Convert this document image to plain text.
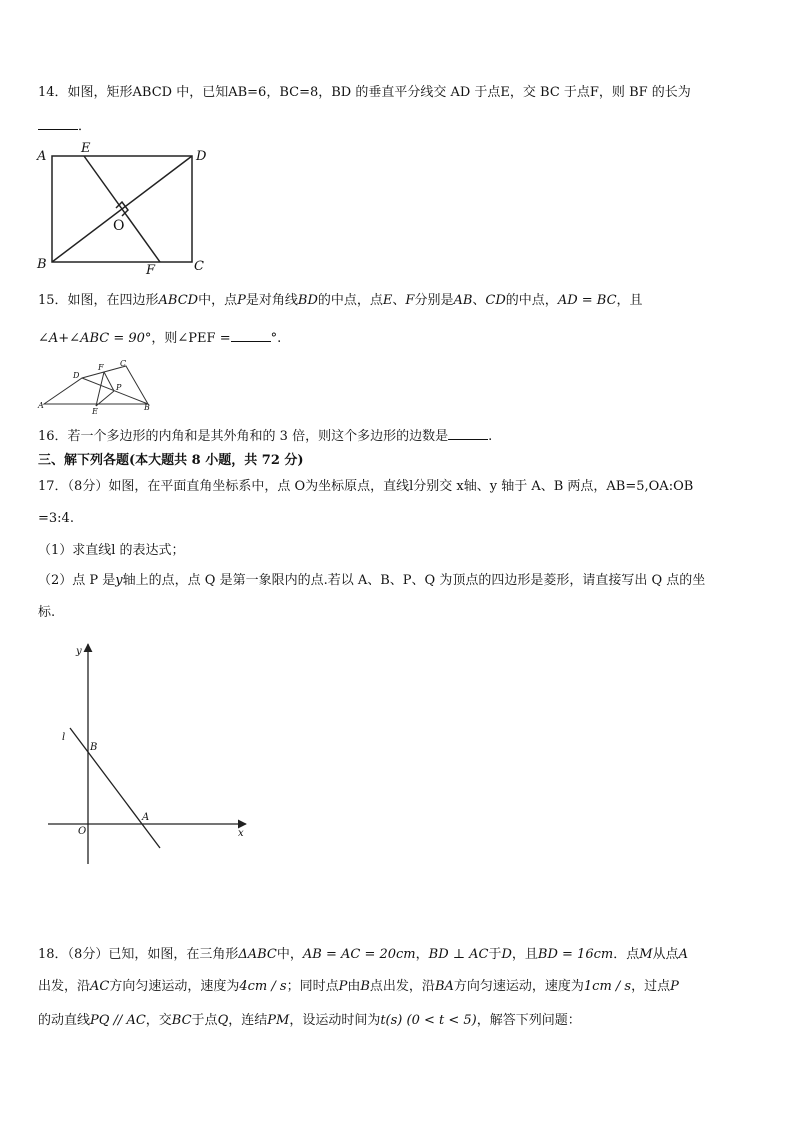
14．如图，矩形ABCD 中，已知AB=6，BC=8，BD 的垂直平分线交 AD 于点E，交 BC 于点F，则 BF 的长为
．
A
E
D
B	F	C
O
15．如图，在四边形ABCD中，点P是对角线BD的中点，点E、F分别是AB、CD的中点，AD = BC，且
∠A+∠ABC = 90°，则∠PEF =	°.
A
D
F C
P
E	B
16．若一个多边形的内角和是其外角和的 3 倍，则这个多边形的边数是	.
三、解下列各题(本大题共 8 小题，共 72 分)
17．（8分）如图，在平面直角坐标系中，点 O为坐标原点，直线l分别交 x轴、y 轴于 A、B 两点，AB=5,OA:OB
=3:4.
（1）求直线l 的表达式；
（2）点 P 是y轴上的点，点 Q 是第一象限内的点.若以 A、B、P、Q 为顶点的四边形是菱形，请直接写出 Q 点的坐
标.
y
l
B
A
O	x
18．（8分）已知，如图，在三角形ΔABC中，AB = AC = 20cm，BD ⊥ AC于D，且BD = 16cm．点M从点A
出发，沿AC方向匀速运动，速度为4cm / s；同时点P由B点出发，沿BA方向匀速运动，速度为1cm / s，过点P
的动直线PQ // AC，交BC于点Q，连结PM，设运动时间为t(s) (0 < t < 5)，解答下列问题：
